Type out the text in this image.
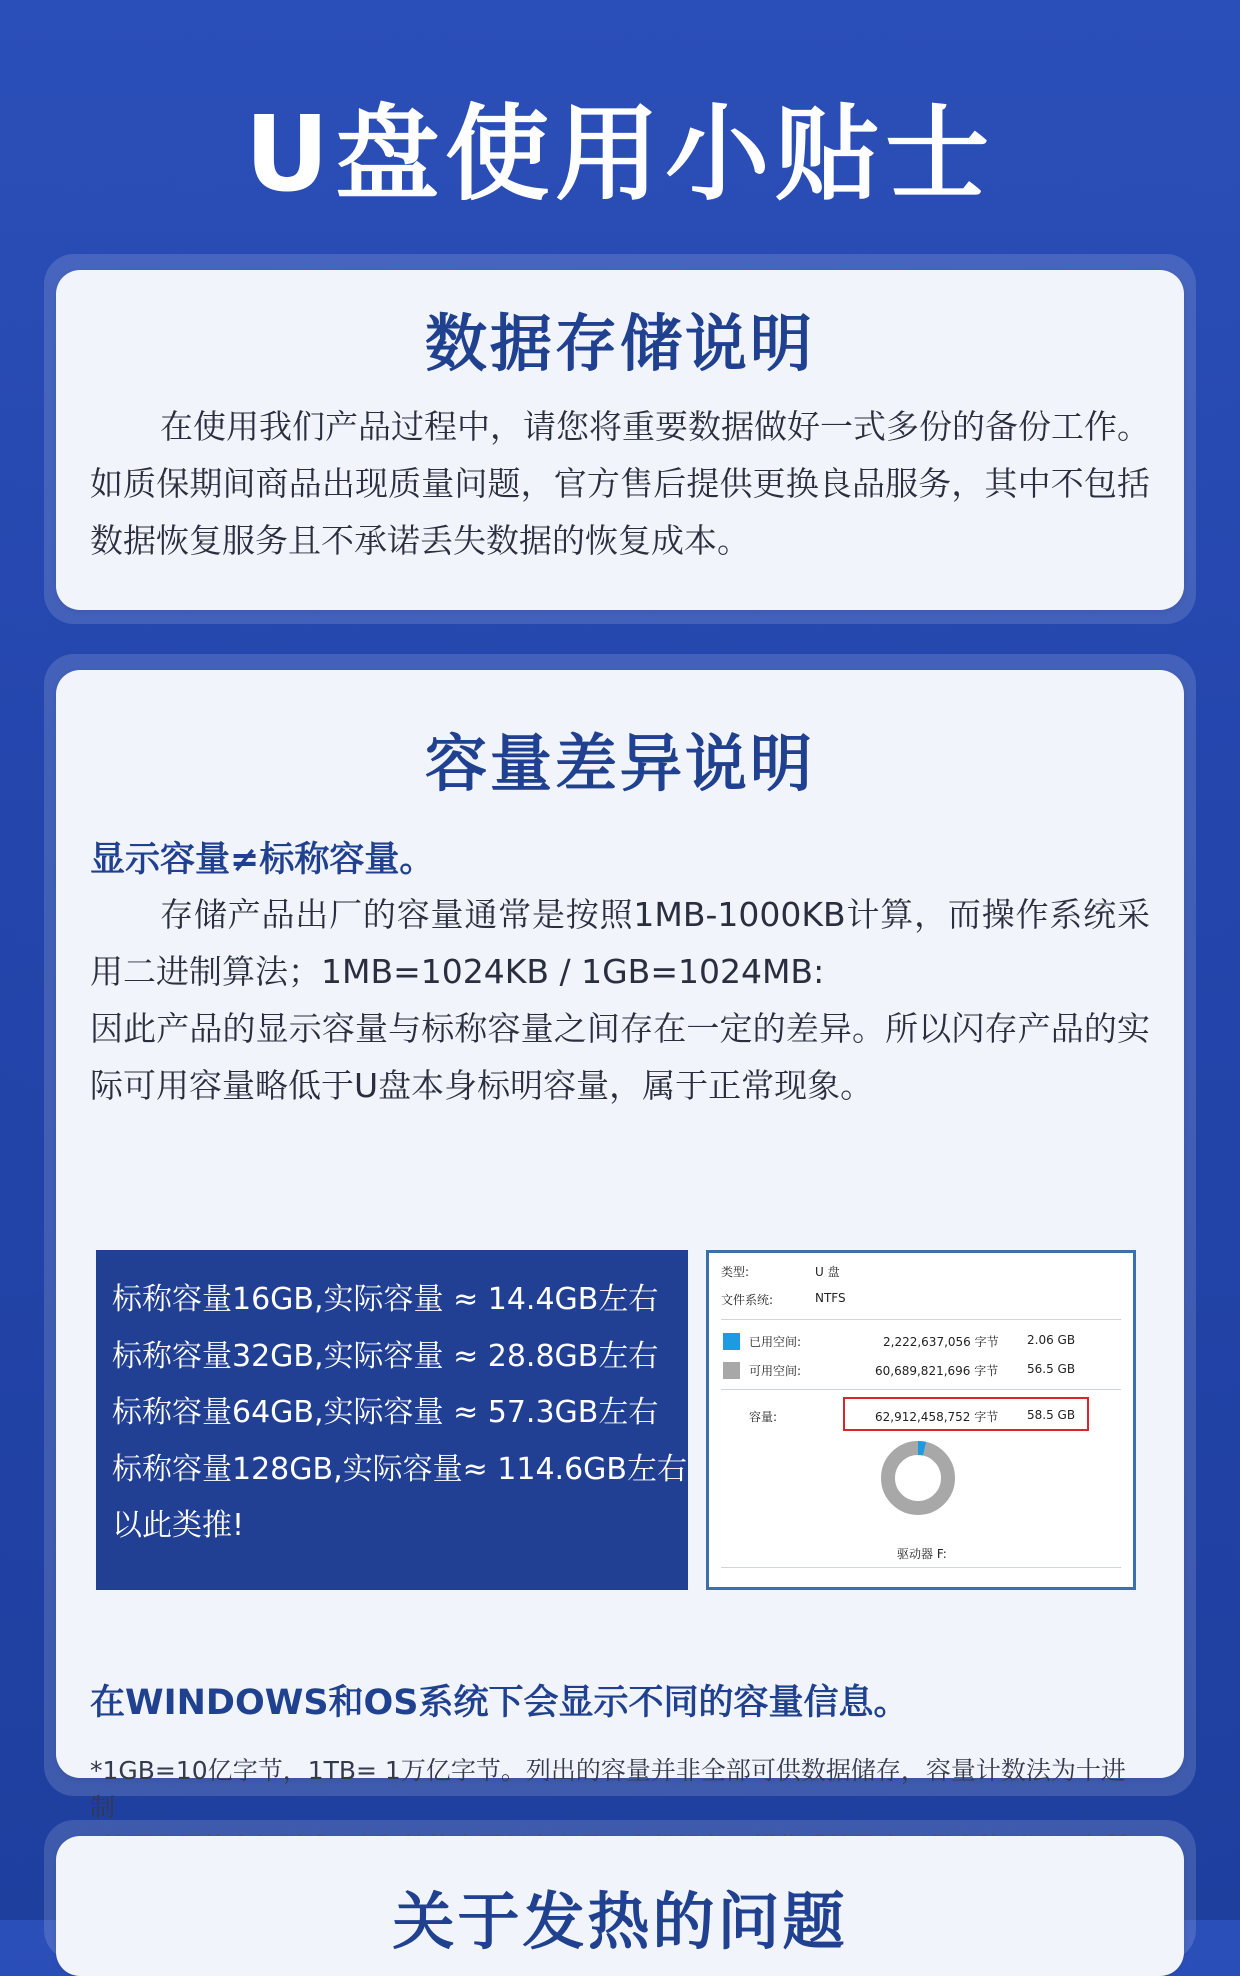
U盘使用小贴士
数据存储说明

在使用我们产品过程中，请您将重要数据做好一式多份的备份工作。如质保期间商品出现质量问题，官方售后提供更换良品服务，其中不包括数据恢复服务且不承诺丢失数据的恢复成本。

容量差异说明

显示容量≠标称容量。

存储产品出厂的容量通常是按照1MB-1000KB计算，而操作系统采用二进制算法；1MB=1024KB / 1GB=1024MB:

因此产品的显示容量与标称容量之间存在一定的差异。所以闪存产品的实际可用容量略低于U盘本身标明容量，属于正常现象。

标称容量16GB,实际容量 ≈ 14.4GB左右

标称容量32GB,实际容量 ≈ 28.8GB左右

标称容量64GB,实际容量 ≈ 57.3GB左右

标称容量128GB,实际容量≈ 114.6GB左右

以此类推!

类型:	U 盘
文件系统:	NTFS
已用空间:	2,222,637,056 字节 2.06 GB
可用空间:	60,689,821,696 字节 56.5 GB
容量:	62,912,458,752 字节 58.5 GB
驱动器 F:

在WINDOWS和OS系统下会显示不同的容量信息。

*1GB=10亿字节，1TB= 1万亿字节。列出的容量并非全部可供数据储存，容量计数法为十进制

关于发热的问题
